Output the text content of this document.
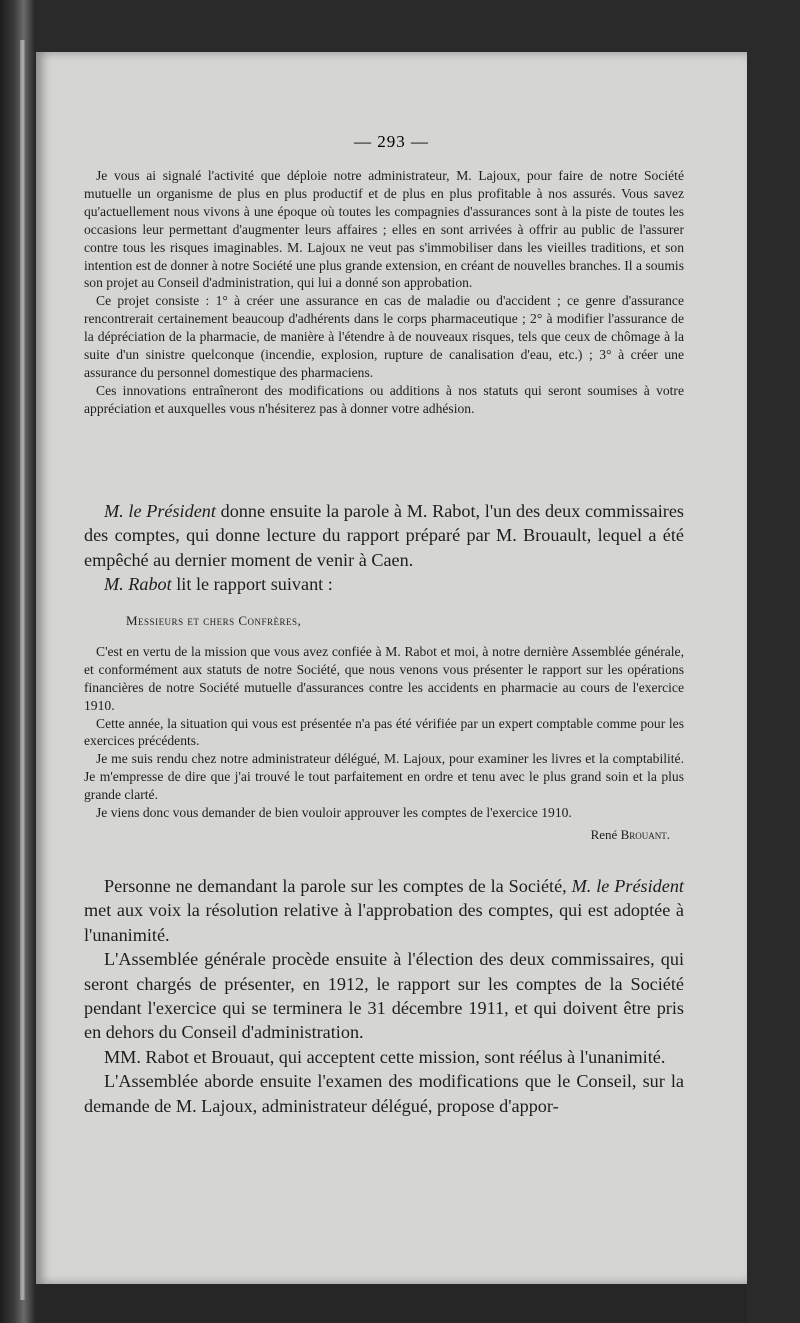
— 293 —

Je vous ai signalé l'activité que déploie notre administrateur, M. Lajoux, pour faire de notre Société mutuelle un organisme de plus en plus productif et de plus en plus profitable à nos assurés. Vous savez qu'actuellement nous vivons à une époque où toutes les compagnies d'assurances sont à la piste de toutes les occasions leur permettant d'augmenter leurs affaires ; elles en sont arrivées à offrir au public de l'assurer contre tous les risques imaginables. M. Lajoux ne veut pas s'immobiliser dans les vieilles traditions, et son intention est de donner à notre Société une plus grande extension, en créant de nouvelles branches. Il a soumis son projet au Conseil d'administration, qui lui a donné son approbation.

Ce projet consiste : 1° à créer une assurance en cas de maladie ou d'accident ; ce genre d'assurance rencontrerait certainement beaucoup d'adhérents dans le corps pharmaceutique ; 2° à modifier l'assurance de la dépréciation de la pharmacie, de manière à l'étendre à de nouveaux risques, tels que ceux de chômage à la suite d'un sinistre quelconque (incendie, explosion, rupture de canalisation d'eau, etc.) ; 3° à créer une assurance du personnel domestique des pharmaciens.

Ces innovations entraîneront des modifications ou additions à nos statuts qui seront soumises à votre appréciation et auxquelles vous n'hésiterez pas à donner votre adhésion.

M. le Président donne ensuite la parole à M. Rabot, l'un des deux commissaires des comptes, qui donne lecture du rapport préparé par M. Brouault, lequel a été empêché au dernier moment de venir à Caen.

M. Rabot lit le rapport suivant :

Messieurs et chers Confrères,

C'est en vertu de la mission que vous avez confiée à M. Rabot et moi, à notre dernière Assemblée générale, et conformément aux statuts de notre Société, que nous venons vous présenter le rapport sur les opérations financières de notre Société mutuelle d'assurances contre les accidents en pharmacie au cours de l'exercice 1910.

Cette année, la situation qui vous est présentée n'a pas été vérifiée par un expert comptable comme pour les exercices précédents.

Je me suis rendu chez notre administrateur délégué, M. Lajoux, pour examiner les livres et la comptabilité. Je m'empresse de dire que j'ai trouvé le tout parfaitement en ordre et tenu avec le plus grand soin et la plus grande clarté.

Je viens donc vous demander de bien vouloir approuver les comptes de l'exercice 1910.

René Brouant.

Personne ne demandant la parole sur les comptes de la Société, M. le Président met aux voix la résolution relative à l'approbation des comptes, qui est adoptée à l'unanimité.

L'Assemblée générale procède ensuite à l'élection des deux commissaires, qui seront chargés de présenter, en 1912, le rapport sur les comptes de la Société pendant l'exercice qui se terminera le 31 décembre 1911, et qui doivent être pris en dehors du Conseil d'administration.

MM. Rabot et Brouaut, qui acceptent cette mission, sont réélus à l'unanimité.

L'Assemblée aborde ensuite l'examen des modifications que le Conseil, sur la demande de M. Lajoux, administrateur délégué, propose d'appor-
